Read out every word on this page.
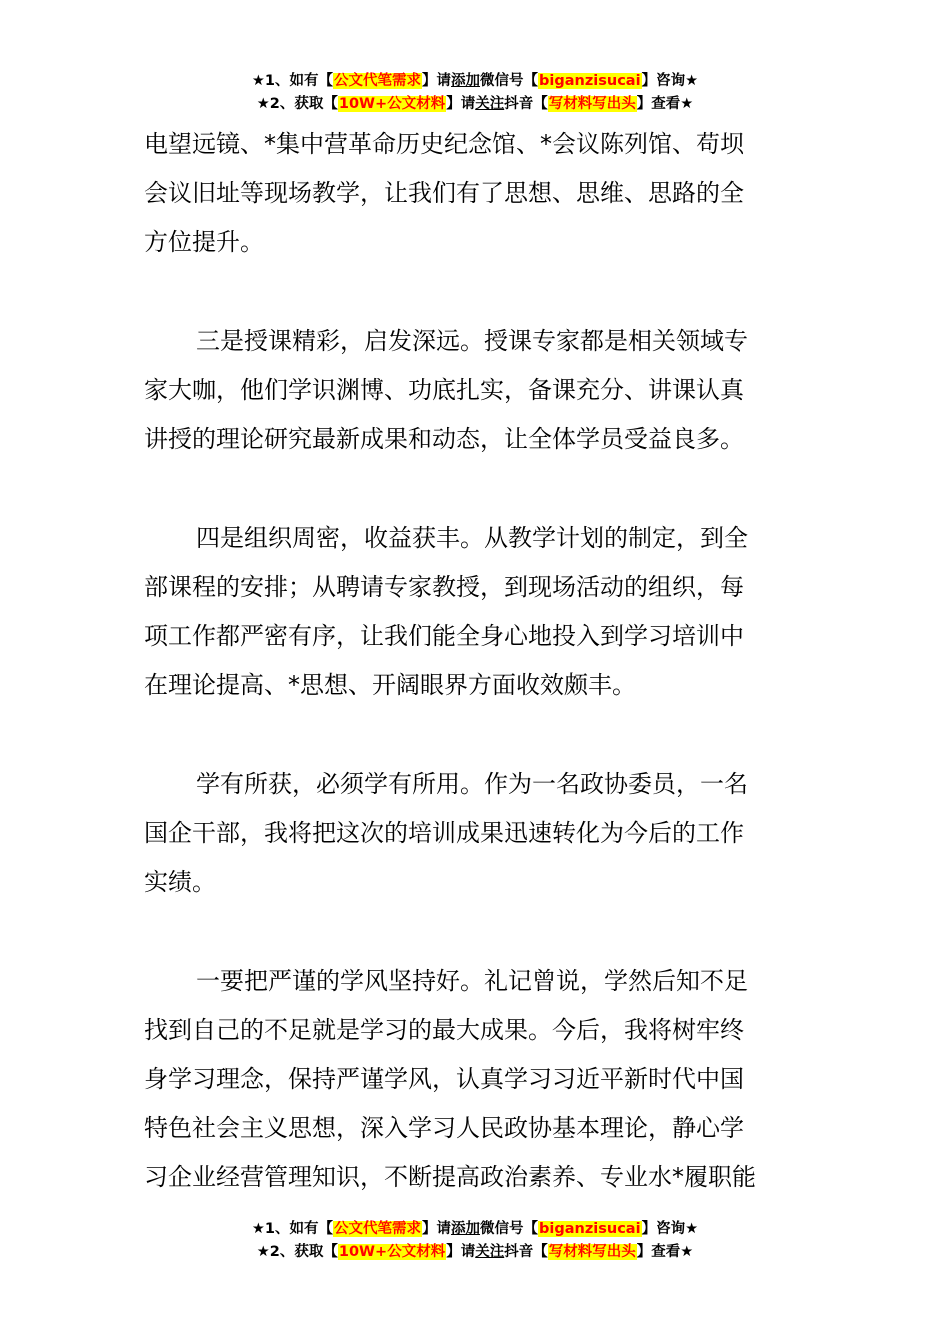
★1、如有【公文代笔需求】请添加微信号【biganzisucai】咨询★
★2、获取【10W+公文材料】请关注抖音【写材料写出头】查看★
电望远镜、*集中营革命历史纪念馆、*会议陈列馆、苟坝
会议旧址等现场教学，让我们有了思想、思维、思路的全
方位提升。
三是授课精彩，启发深远。授课专家都是相关领域专
家大咖，他们学识渊博、功底扎实，备课充分、讲课认真
讲授的理论研究最新成果和动态，让全体学员受益良多。
四是组织周密，收益获丰。从教学计划的制定，到全
部课程的安排；从聘请专家教授，到现场活动的组织，每
项工作都严密有序，让我们能全身心地投入到学习培训中
在理论提高、*思想、开阔眼界方面收效颇丰。
学有所获，必须学有所用。作为一名政协委员，一名
国企干部，我将把这次的培训成果迅速转化为今后的工作
实绩。
一要把严谨的学风坚持好。礼记曾说，学然后知不足
找到自己的不足就是学习的最大成果。今后，我将树牢终
身学习理念，保持严谨学风，认真学习习近平新时代中国
特色社会主义思想，深入学习人民政协基本理论，静心学
习企业经营管理知识，不断提高政治素养、专业水*履职能
★1、如有【公文代笔需求】请添加微信号【biganzisucai】咨询★
★2、获取【10W+公文材料】请关注抖音【写材料写出头】查看★
